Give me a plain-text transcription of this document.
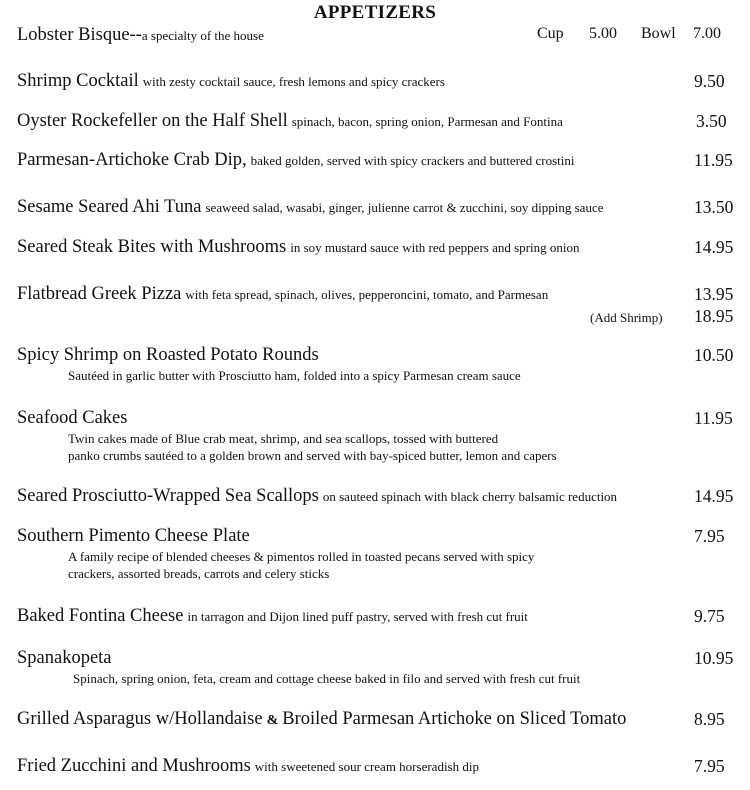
APPETIZERS
Lobster Bisque--a specialty of the house	Cup 5.00 Bowl 7.00
Shrimp Cocktail with zesty cocktail sauce, fresh lemons and spicy crackers	9.50
Oyster Rockefeller on the Half Shell spinach, bacon, spring onion, Parmesan and Fontina	3.50
Parmesan-Artichoke Crab Dip, baked golden, served with spicy crackers and buttered crostini	11.95
Sesame Seared Ahi Tuna seaweed salad, wasabi, ginger, julienne carrot & zucchini, soy dipping sauce	13.50
Seared Steak Bites with Mushrooms in soy mustard sauce with red peppers and spring onion	14.95
Flatbread Greek Pizza with feta spread, spinach, olives, pepperoncini, tomato, and Parmesan	13.95
(Add Shrimp) 18.95
Spicy Shrimp on Roasted Potato Rounds	10.50
Sautéed in garlic butter with Prosciutto ham, folded into a spicy Parmesan cream sauce
Seafood Cakes	11.95
Twin cakes made of Blue crab meat, shrimp, and sea scallops, tossed with buttered
panko crumbs sautéed to a golden brown and served with bay-spiced butter, lemon and capers
Seared Prosciutto-Wrapped Sea Scallops on sauteed spinach with black cherry balsamic reduction	14.95
Southern Pimento Cheese Plate	7.95
A family recipe of blended cheeses & pimentos rolled in toasted pecans served with spicy
crackers, assorted breads, carrots and celery sticks
Baked Fontina Cheese in tarragon and Dijon lined puff pastry, served with fresh cut fruit	9.75
Spanakopeta	10.95
Spinach, spring onion, feta, cream and cottage cheese baked in filo and served with fresh cut fruit
Grilled Asparagus w/Hollandaise & Broiled Parmesan Artichoke on Sliced Tomato	8.95
Fried Zucchini and Mushrooms with sweetened sour cream horseradish dip	7.95
